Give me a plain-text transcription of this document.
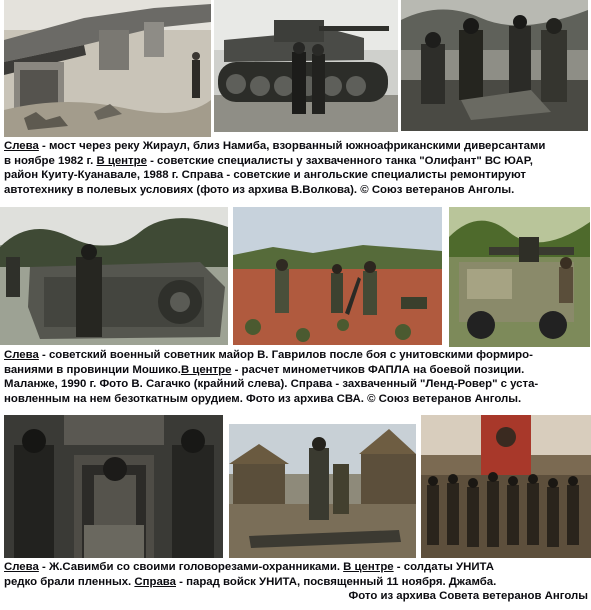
Слева - мост через реку Жираул, близ Намиба, взорванный южноафриканскими диверсантами
в ноябре 1982 г. В центре - советские специалисты у захваченного танка "Олифант" ВС ЮАР,
район Куиту-Куанавале, 1988 г. Справа - советские и ангольские специалисты ремонтируют
автотехнику в полевых условиях (фото из архива В.Волкова). © Союз ветеранов Анголы.
Слева - советский военный советник майор В. Гаврилов после боя с унитовскими формиро-
ваниями в провинции Мошико.В центре - расчет минометчиков ФАПЛА на боевой позиции.
Маланже, 1990 г. Фото В. Сагачко (крайний слева). Справа - захваченный "Ленд-Ровер" с уста-
новленным на нем безоткатным орудием. Фото из архива СВА. © Союз ветеранов Анголы.
Слева - Ж.Савимби со своими головорезами-охранниками. В центре - солдаты УНИТА
редко брали пленных. Справа - парад войск УНИТА, посвященный 11 ноября. Джамба.
Фото из архива Совета ветеранов Анголы
